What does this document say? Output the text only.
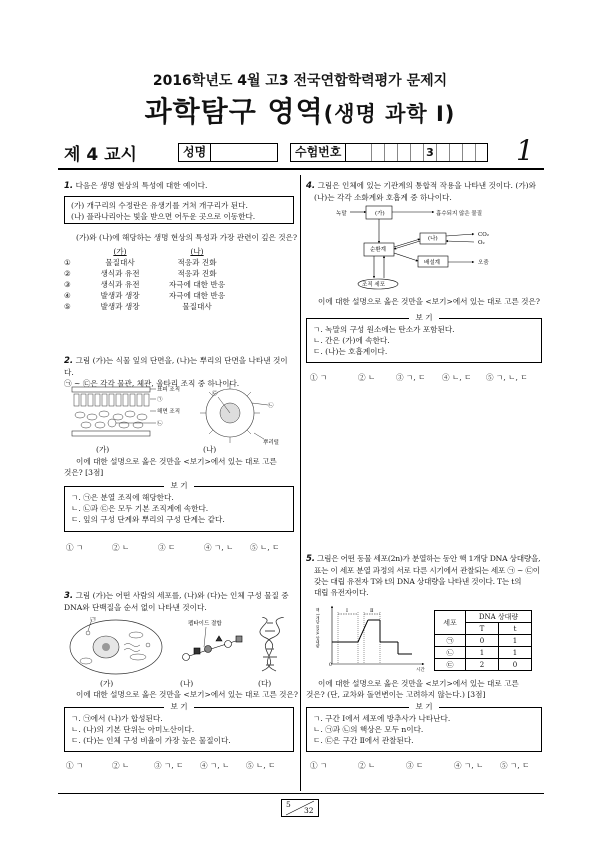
2016학년도 4월 고3 전국연합학력평가 문제지
과학탐구 영역(생명 과학 Ⅰ)
제 4 교시	성명	수험번호	3	1

1. 다음은 생명 현상의 특성에 대한 예이다.

(가) 개구리의 수정란은 유생기를 거쳐 개구리가 된다.
(나) 플라나리아는 빛을 받으면 어두운 곳으로 이동한다.
(가)와 (나)에 해당하는 생명 현상의 특성과 가장 관련이 깊은 것은?
	(가)	(나)
①	물질대사	적응과 진화
②	생식과 유전	적응과 진화
③	생식과 유전	자극에 대한 반응
④	발생과 생장	자극에 대한 반응
⑤	발생과 생장	물질대사

2. 그림 (가)는 식물 잎의 단면을, (나)는 뿌리의 단면을 나타낸 것이다.

㉠ ~ ㉢은 각각 물관, 체관, 울타리 조직 중 하나이다.

표피 조직
㉠
해면 조직
㉡
㉢
㉡
뿌리털
(가)	(나)

이에 대한 설명으로 옳은 것만을 <보기>에서 있는 대로 고른

것은? [3점]

보 기
ㄱ. ㉠은 분열 조직에 해당한다.
ㄴ. ㉡과 ㉢은 모두 기본 조직계에 속한다.
ㄷ. 잎의 구성 단계와 뿌리의 구성 단계는 같다.
① ㄱ	② ㄴ	③ ㄷ	④ ㄱ, ㄴ ⑤ ㄴ, ㄷ

3. 그림 (가)는 어떤 사람의 세포를, (나)와 (다)는 인체 구성 물질 중

DNA와 단백질을 순서 없이 나타낸 것이다.

㉠
펩타이드 결합
(가)	(나)	(다)
이에 대한 설명으로 옳은 것만을 <보기>에서 있는 대로 고른 것은?
보 기
ㄱ. ㉠에서 (나)가 합성된다.
ㄴ. (나)의 기본 단위는 아미노산이다.
ㄷ. (다)는 인체 구성 비율이 가장 높은 물질이다.
① ㄱ	② ㄴ	③ ㄱ, ㄷ ④ ㄱ, ㄴ ⑤ ㄴ, ㄷ

4. 그림은 인체에 있는 기관계의 통합적 작용을 나타낸 것이다. (가)와

(나)는 각각 소화계와 호흡계 중 하나이다.

녹말	흡수되지 않은 물질
(가)
순환계
(나)
CO₂
O₂
배설계	오줌
조직 세포
이에 대한 설명으로 옳은 것만을 <보기>에서 있는 대로 고른 것은?
보 기
ㄱ. 녹말의 구성 원소에는 탄소가 포함된다.
ㄴ. 간은 (가)에 속한다.
ㄷ. (나)는 호흡계이다.
① ㄱ	② ㄴ	③ ㄱ, ㄷ ④ ㄴ, ㄷ ⑤ ㄱ, ㄴ, ㄷ

5. 그림은 어떤 동물 세포(2n)가 분열하는 동안 핵 1개당 DNA 상대량을,

표는 이 세포 분열 과정의 서로 다른 시기에서 관찰되는 세포 ㉠ ~ ㉢이

갖는 대립 유전자 T와 t의 DNA 상대량을 나타낸 것이다. T는 t의

대립 유전자이다.

핵 1개당 DNA 상대량
0
Ⅰ	Ⅱ
시간
세포	DNA 상대량	
	T	t
㉠	0	1
㉡	1	1
㉢	2	0

이에 대한 설명으로 옳은 것만을 <보기>에서 있는 대로 고른

것은? (단, 교차와 돌연변이는 고려하지 않는다.) [3점]

보 기
ㄱ. 구간 Ⅰ에서 세포에 방추사가 나타난다.
ㄴ. ㉠과 ㉡의 핵상은 모두 n이다.
ㄷ. ㉢은 구간 Ⅱ에서 관찰된다.
① ㄱ	② ㄴ	③ ㄷ	④ ㄱ, ㄴ ⑤ ㄱ, ㄷ
5
32
